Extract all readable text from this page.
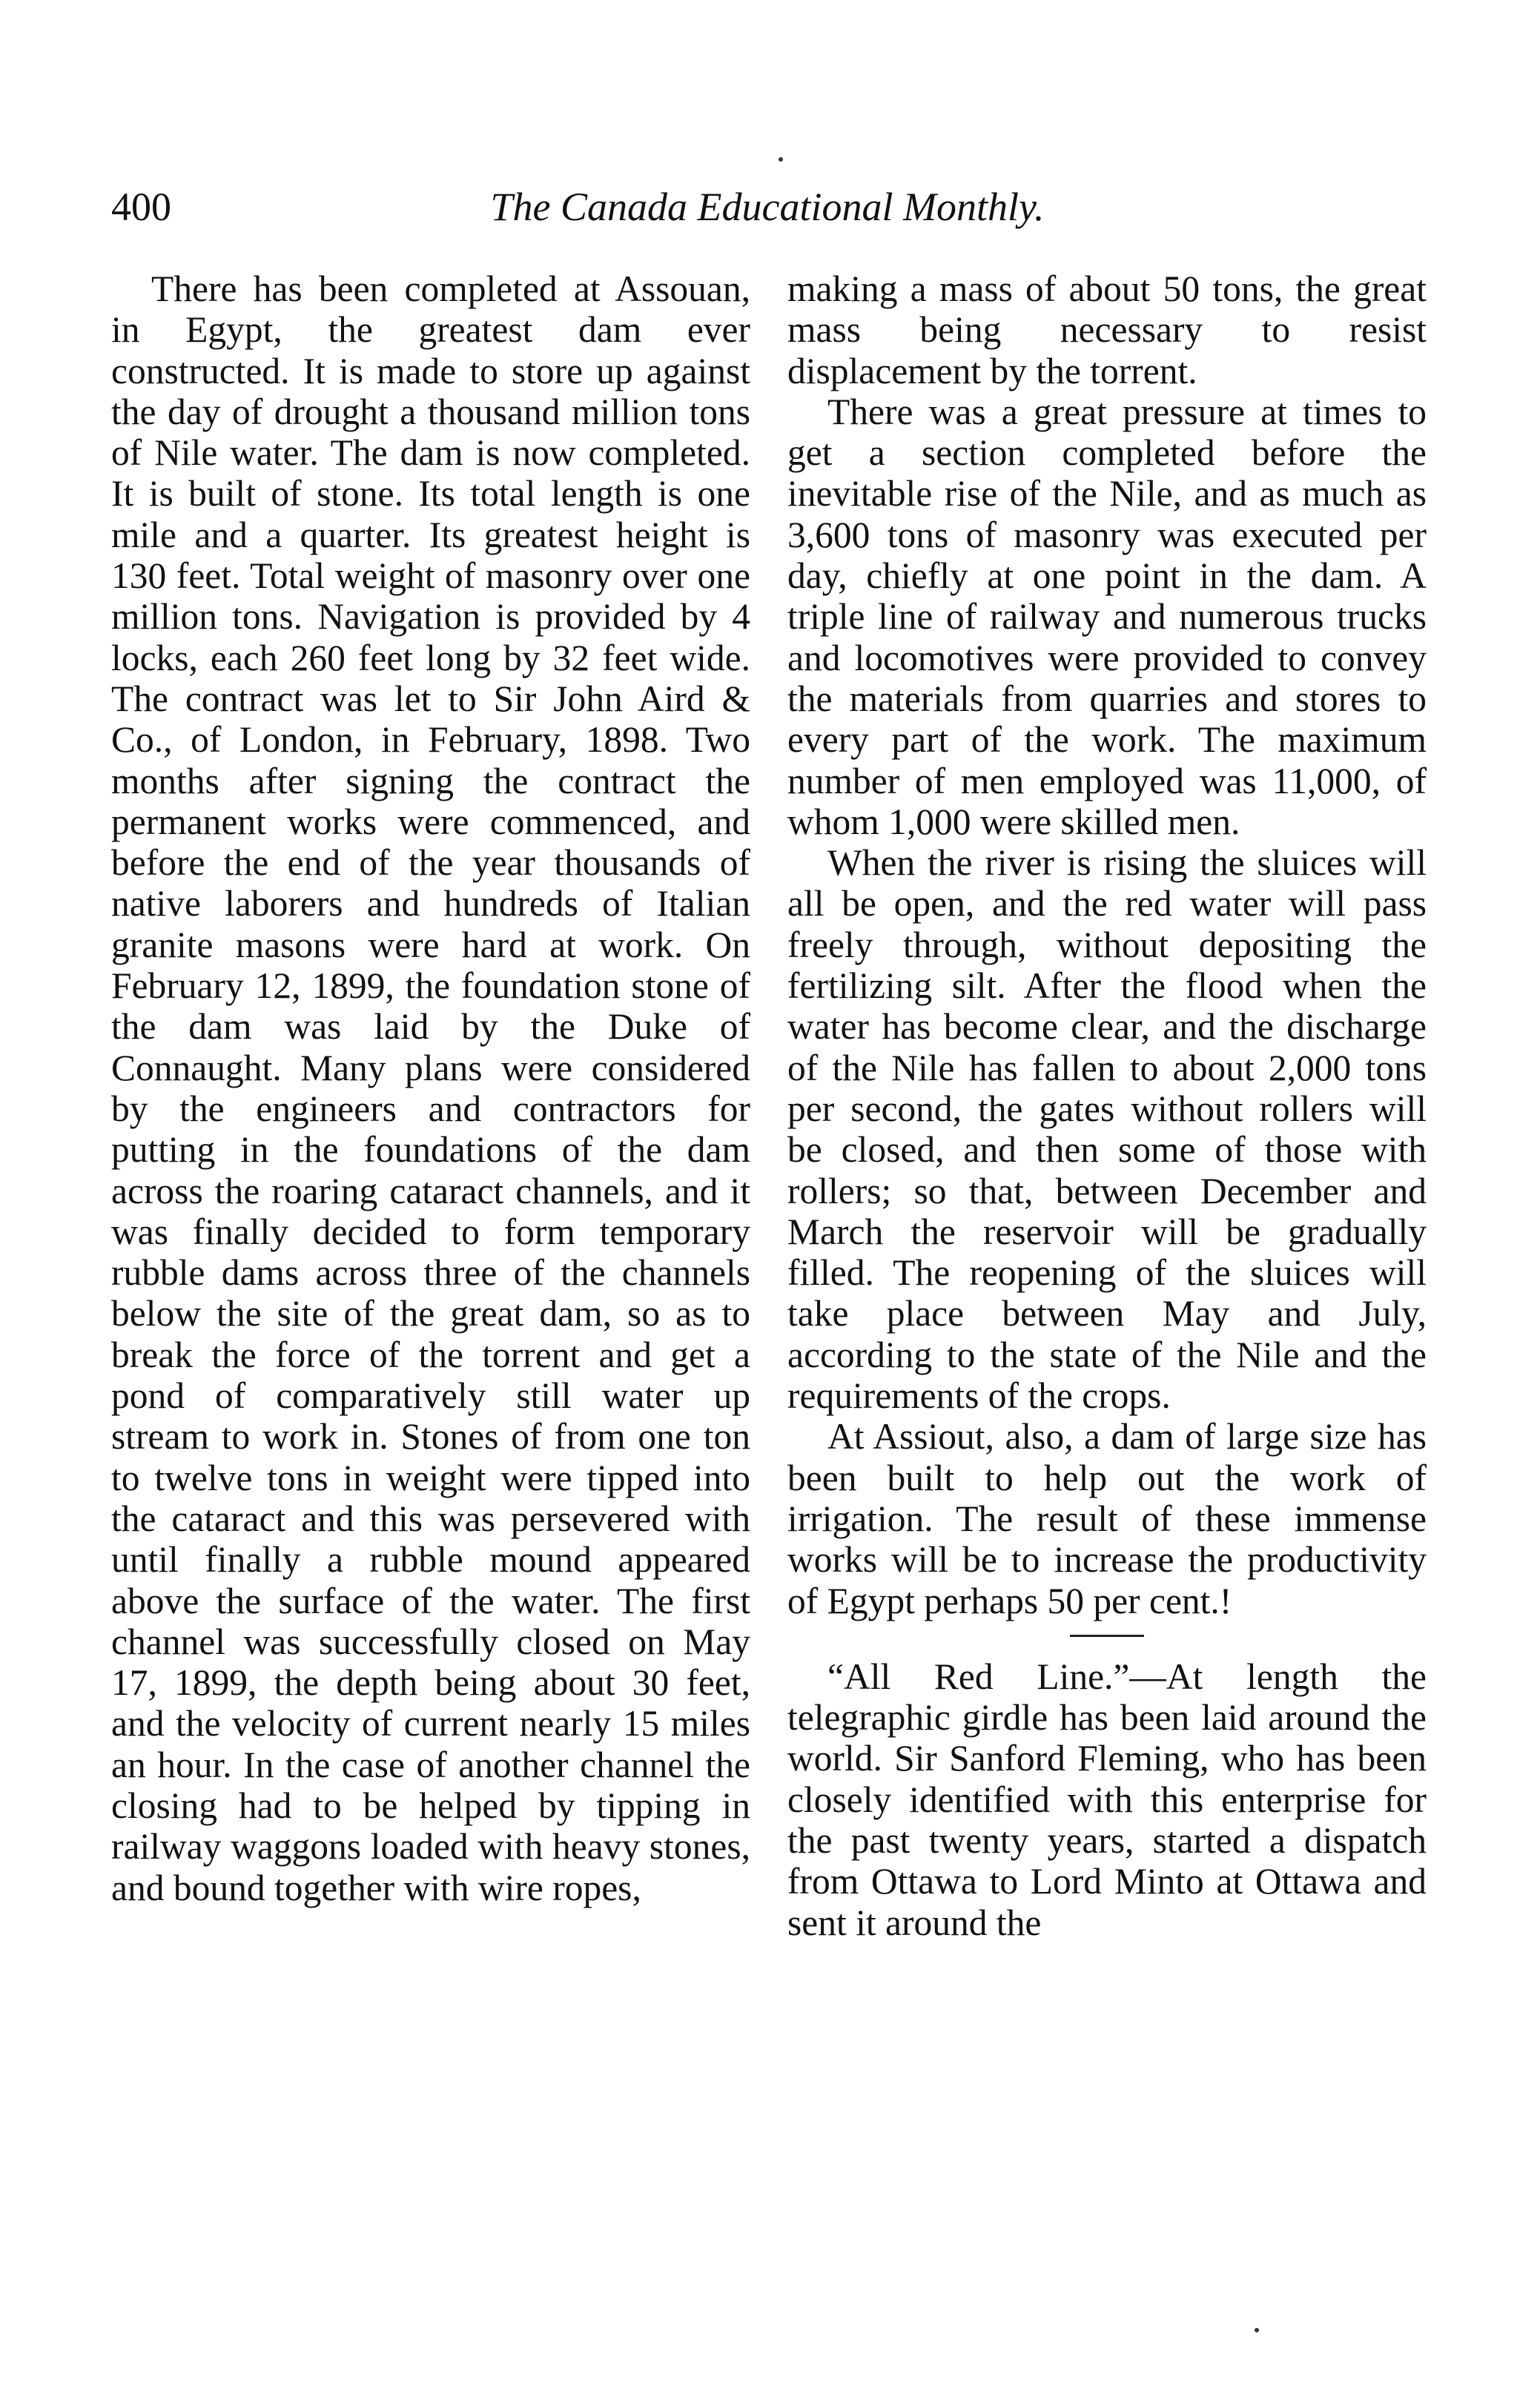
400	The Canada Educational Monthly.

There has been completed at Assouan, in Egypt, the greatest dam ever constructed. It is made to store up against the day of drought a thousand million tons of Nile water. The dam is now completed. It is built of stone. Its total length is one mile and a quarter. Its greatest height is 130 feet. Total weight of masonry over one million tons. Navigation is provided by 4 locks, each 260 feet long by 32 feet wide. The contract was let to Sir John Aird & Co., of London, in February, 1898. Two months after signing the contract the permanent works were commenced, and before the end of the year thousands of native laborers and hundreds of Italian granite masons were hard at work. On February 12, 1899, the foundation stone of the dam was laid by the Duke of Connaught. Many plans were considered by the engineers and contractors for putting in the foundations of the dam across the roaring cataract channels, and it was finally decided to form temporary rubble dams across three of the channels below the site of the great dam, so as to break the force of the torrent and get a pond of comparatively still water up stream to work in. Stones of from one ton to twelve tons in weight were tipped into the cataract and this was persevered with until finally a rubble mound appeared above the surface of the water. The first channel was successfully closed on May 17, 1899, the depth being about 30 feet, and the velocity of current nearly 15 miles an hour. In the case of another channel the closing had to be helped by tipping in railway waggons loaded with heavy stones, and bound together with wire ropes,

making a mass of about 50 tons, the great mass being necessary to resist displacement by the torrent.

There was a great pressure at times to get a section completed before the inevitable rise of the Nile, and as much as 3,600 tons of masonry was executed per day, chiefly at one point in the dam. A triple line of railway and numerous trucks and locomotives were provided to convey the materials from quarries and stores to every part of the work. The maximum number of men employed was 11,000, of whom 1,000 were skilled men.

When the river is rising the sluices will all be open, and the red water will pass freely through, without depositing the fertilizing silt. After the flood when the water has become clear, and the discharge of the Nile has fallen to about 2,000 tons per second, the gates without rollers will be closed, and then some of those with rollers; so that, between December and March the reservoir will be gradually filled. The reopening of the sluices will take place between May and July, according to the state of the Nile and the requirements of the crops.

At Assiout, also, a dam of large size has been built to help out the work of irrigation. The result of these immense works will be to increase the productivity of Egypt perhaps 50 per cent.!

“All Red Line.”—At length the telegraphic girdle has been laid around the world. Sir Sanford Fleming, who has been closely identified with this enterprise for the past twenty years, started a dispatch from Ottawa to Lord Minto at Ottawa and sent it around the
